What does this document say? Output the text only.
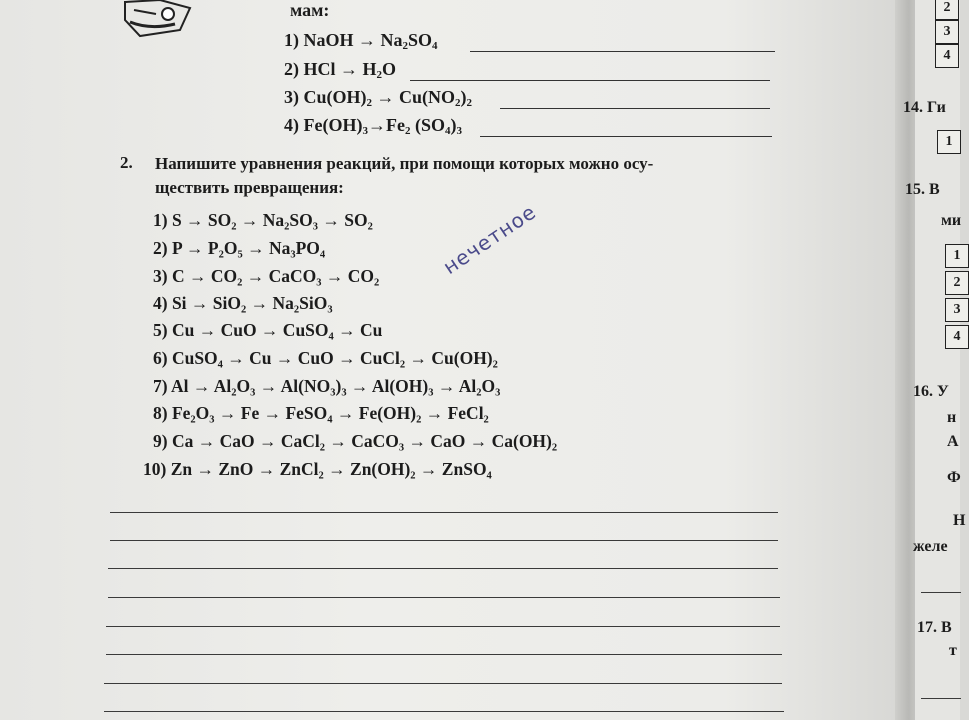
мам:
1) NaOH → $Na_2SO_4$
2) HCl → $H_2O$
3) $Cu(OH)_2 \to Cu(NO_2)_2$
4) $Fe(OH)_3\to Fe_2$ $(SO_4)_3$
2. Напишите уравнения реакций, при помощи которых можно осу-
ществить превращения:
1) S → SO₂ → Na₂SO₃ → SO₂
2) P → P₂O₅ → Na₃PO₄
3) C → CO₂ → CaCO₃ → CO₂
4) Si → SiO₂ → Na₂SiO₃
5) Cu → CuO → CuSO₄ → Cu
6) CuSO₄ → Cu → CuO → CuCl₂ → Cu(OH)₂
7) Al → Al₂O₃ → Al(NO₃)₃ → Al(OH)₃ → Al₂O₃
8) Fe₂O₃ → Fe → FeSO₄ → Fe(OH)₂ → FeCl₂
9) Ca → CaO → CaCl₂ → CaCO₃ → CaO → Ca(OH)₂
10) Zn → ZnO → ZnCl₂ → Zn(OH)₂ → ZnSO₄
нечетное
2
3
4
14. Ги
1
15. В
ми
1
2
3
4
16. У
н
А
Ф
Н
желе
17. В
т
